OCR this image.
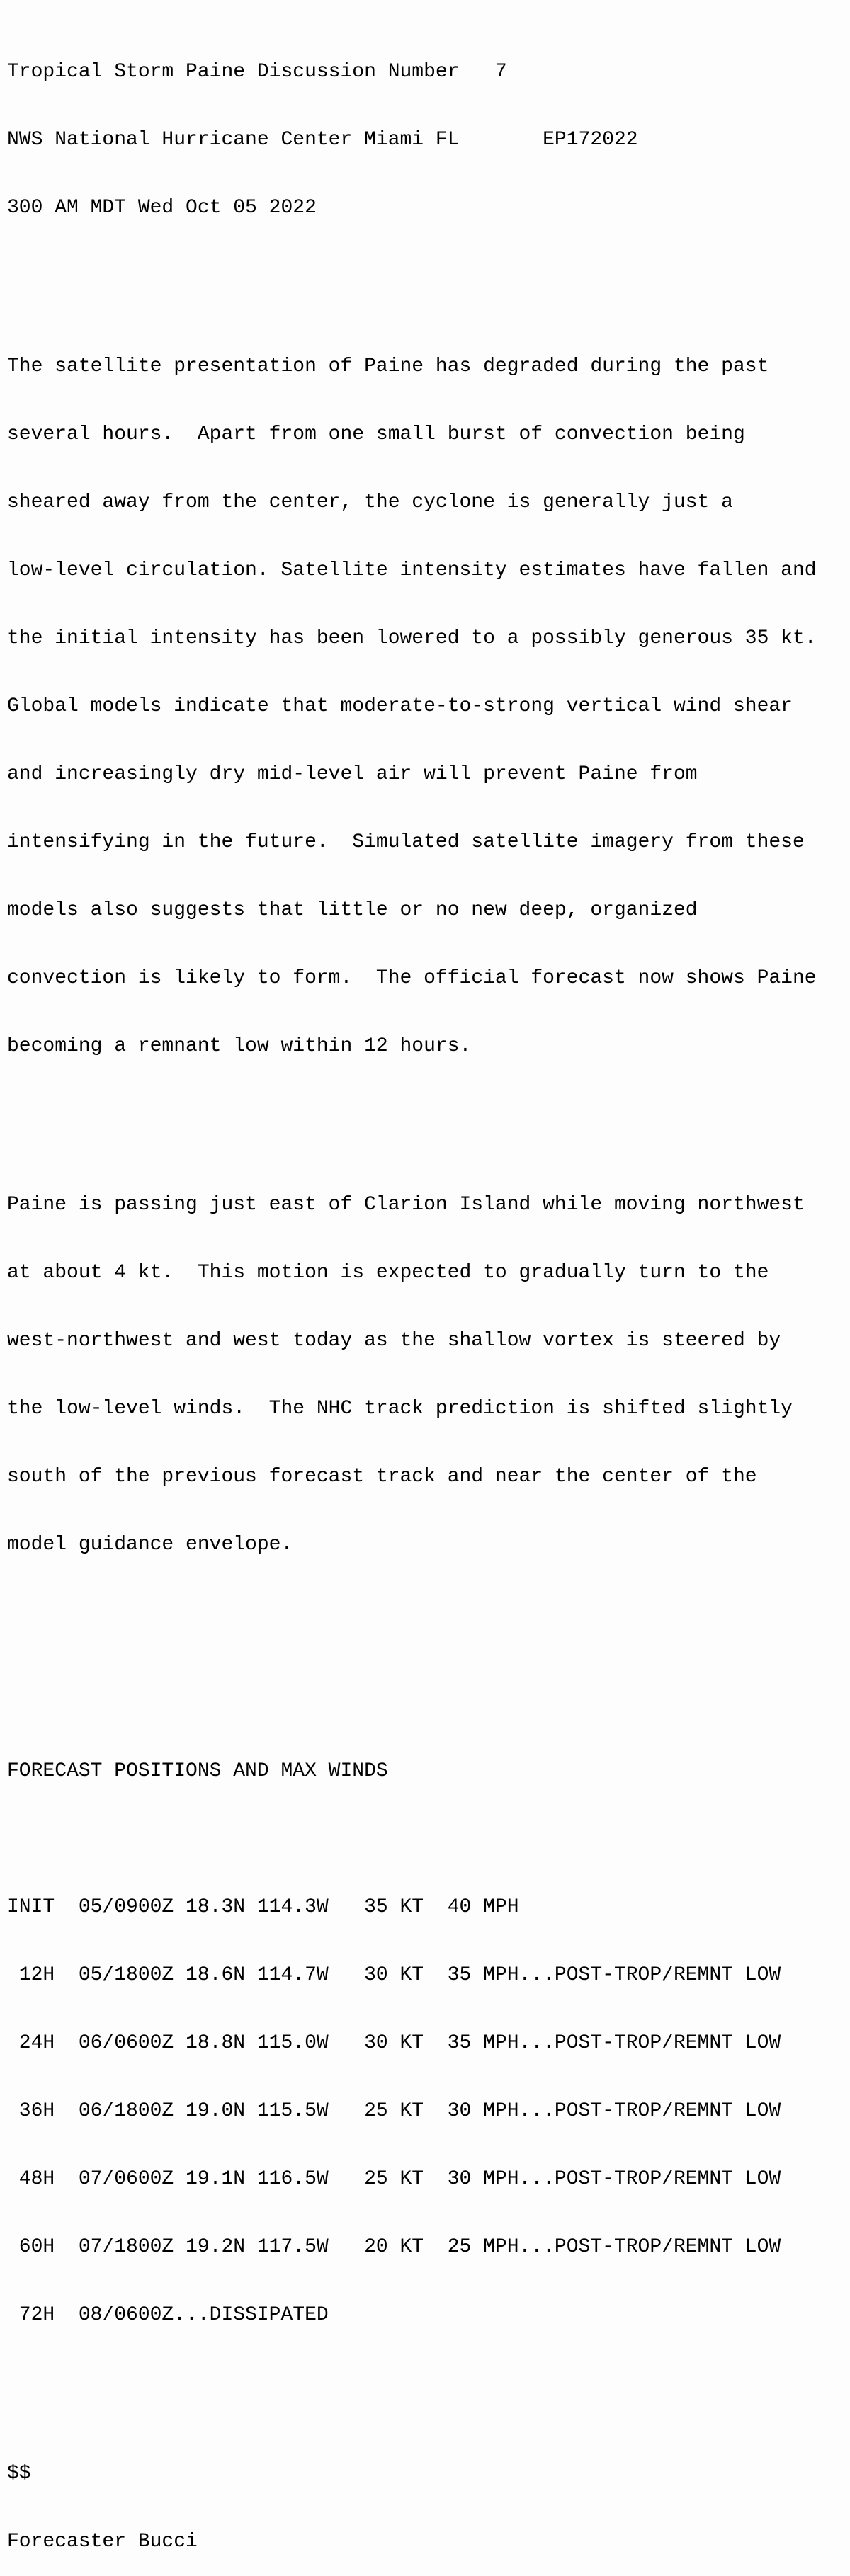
Tropical Storm Paine Discussion Number   7

NWS National Hurricane Center Miami FL       EP172022

300 AM MDT Wed Oct 05 2022

The satellite presentation of Paine has degraded during the past

several hours.  Apart from one small burst of convection being

sheared away from the center, the cyclone is generally just a

low-level circulation. Satellite intensity estimates have fallen and

the initial intensity has been lowered to a possibly generous 35 kt.

Global models indicate that moderate-to-strong vertical wind shear

and increasingly dry mid-level air will prevent Paine from

intensifying in the future.  Simulated satellite imagery from these

models also suggests that little or no new deep, organized

convection is likely to form.  The official forecast now shows Paine

becoming a remnant low within 12 hours.

Paine is passing just east of Clarion Island while moving northwest

at about 4 kt.  This motion is expected to gradually turn to the

west-northwest and west today as the shallow vortex is steered by

the low-level winds.  The NHC track prediction is shifted slightly

south of the previous forecast track and near the center of the

model guidance envelope.

FORECAST POSITIONS AND MAX WINDS

INIT  05/0900Z 18.3N 114.3W   35 KT  40 MPH

12H  05/1800Z 18.6N 114.7W   30 KT  35 MPH...POST-TROP/REMNT LOW

24H  06/0600Z 18.8N 115.0W   30 KT  35 MPH...POST-TROP/REMNT LOW

36H  06/1800Z 19.0N 115.5W   25 KT  30 MPH...POST-TROP/REMNT LOW

48H  07/0600Z 19.1N 116.5W   25 KT  30 MPH...POST-TROP/REMNT LOW

60H  07/1800Z 19.2N 117.5W   20 KT  25 MPH...POST-TROP/REMNT LOW

72H  08/0600Z...DISSIPATED

$$

Forecaster Bucci
